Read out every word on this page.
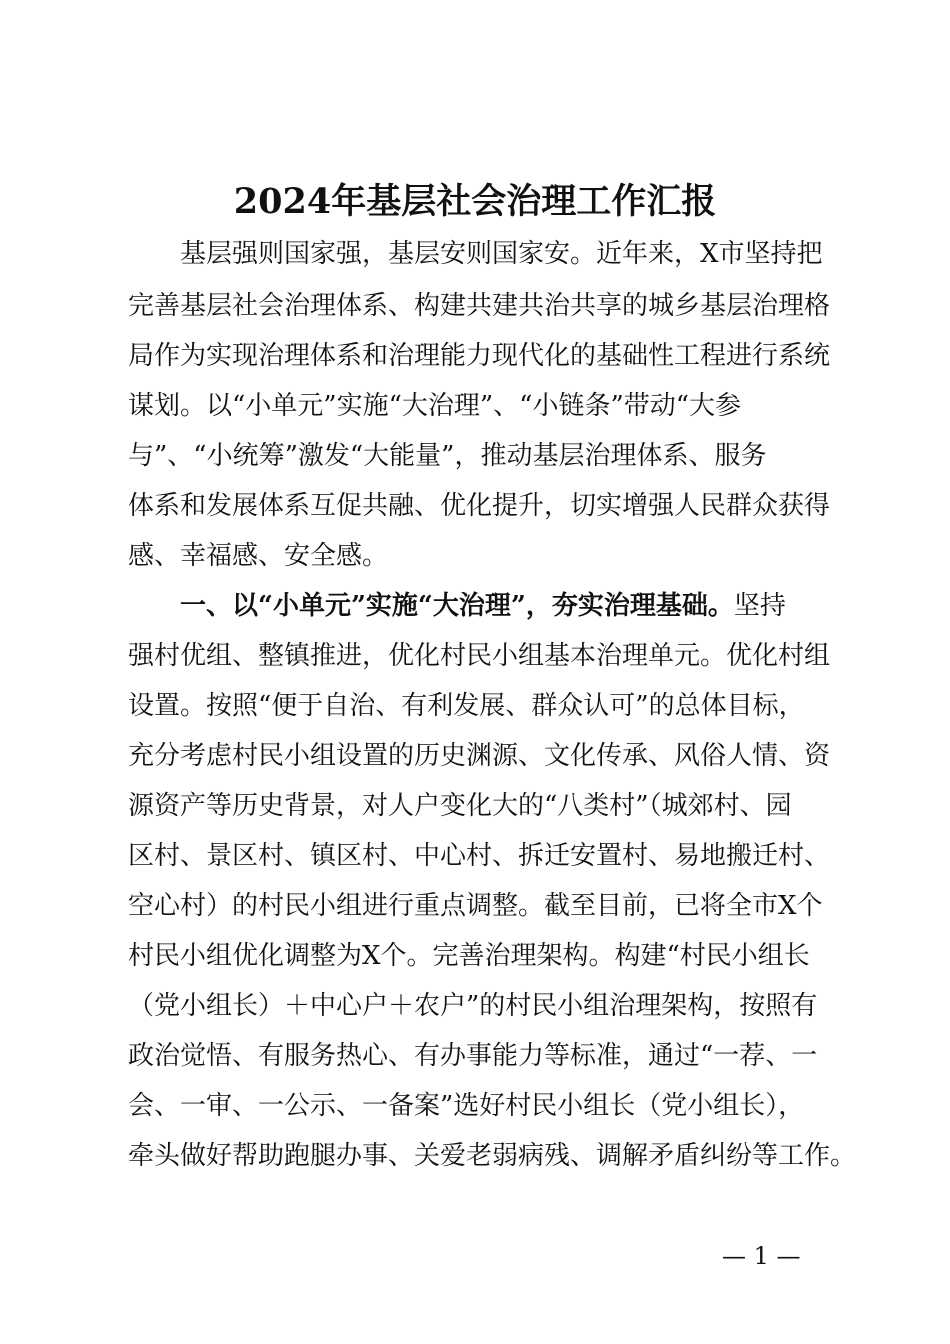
2024年基层社会治理工作汇报
基层强则国家强，基层安则国家安。近年来，X市坚持把
完善基层社会治理体系、构建共建共治共享的城乡基层治理格
局作为实现治理体系和治理能力现代化的基础性工程进行系统
谋划。以“小单元”实施“大治理”、“小链条”带动“大参
与”、“小统筹”激发“大能量”，推动基层治理体系、服务
体系和发展体系互促共融、优化提升，切实增强人民群众获得
感、幸福感、安全感。
一、以“小单元”实施“大治理”，夯实治理基础。坚持
强村优组、整镇推进，优化村民小组基本治理单元。优化村组
设置。按照“便于自治、有利发展、群众认可”的总体目标，
充分考虑村民小组设置的历史渊源、文化传承、风俗人情、资
源资产等历史背景，对人户变化大的“八类村”（城郊村、园
区村、景区村、镇区村、中心村、拆迁安置村、易地搬迁村、
空心村）的村民小组进行重点调整。截至目前，已将全市X个
村民小组优化调整为X个。完善治理架构。构建“村民小组长
（党小组长）＋中心户＋农户”的村民小组治理架构，按照有
政治觉悟、有服务热心、有办事能力等标准，通过“一荐、一
会、一审、一公示、一备案”选好村民小组长（党小组长），
牵头做好帮助跑腿办事、关爱老弱病残、调解矛盾纠纷等工作。
— 1 —
